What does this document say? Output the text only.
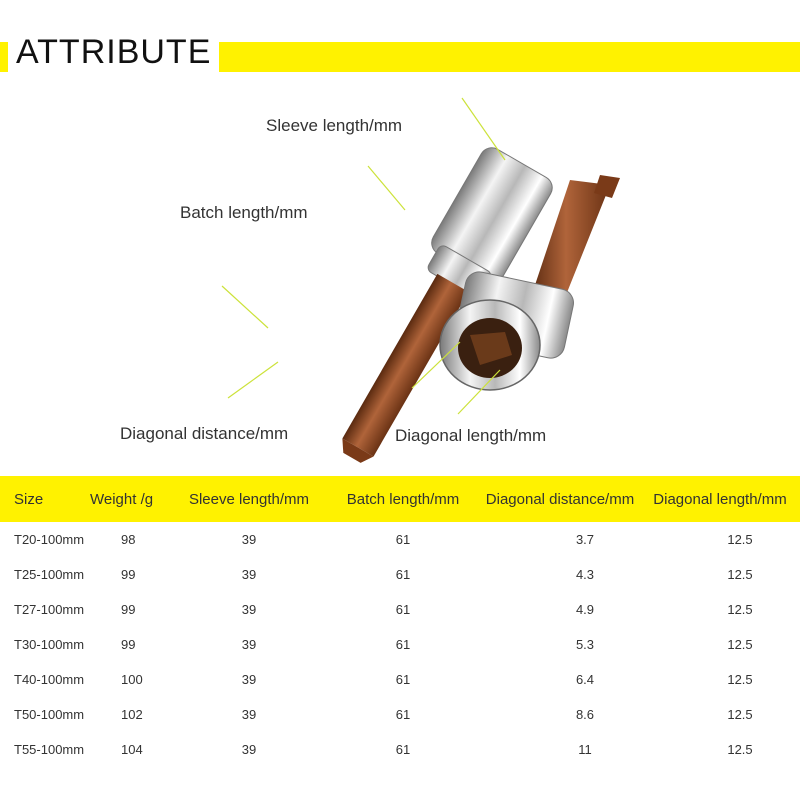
ATTRIBUTE
Sleeve length/mm
Batch length/mm
Diagonal distance/mm	Diagonal length/mm
Size	Weight /g	Sleeve length/mm	Batch length/mm	Diagonal distance/mm	Diagonal length/mm
T20-100mm	98	39	61	3.7	12.5
T25-100mm	99	39	61	4.3	12.5
T27-100mm	99	39	61	4.9	12.5
T30-100mm	99	39	61	5.3	12.5
T40-100mm	100	39	61	6.4	12.5
T50-100mm	102	39	61	8.6	12.5
T55-100mm	104	39	61	11	12.5
